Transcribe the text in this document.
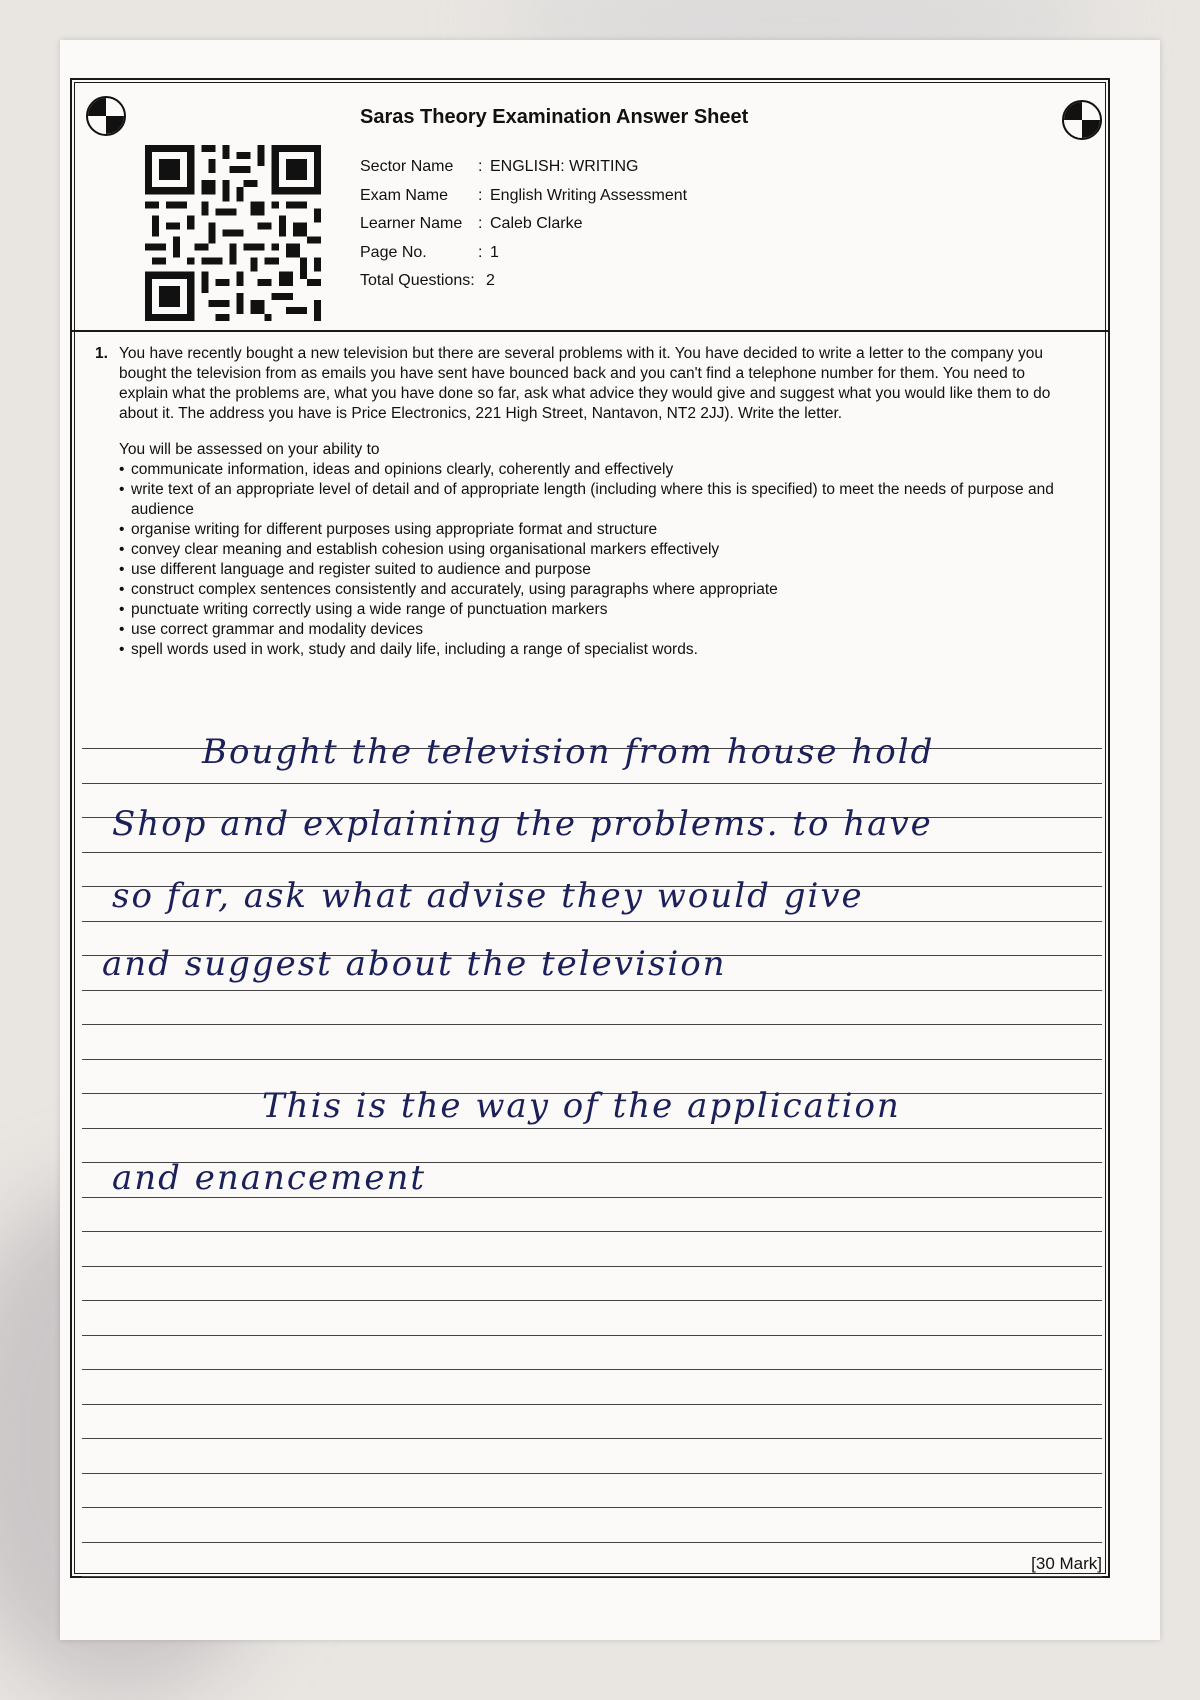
Saras Theory Examination Answer Sheet
Sector Name	: ENGLISH: WRITING
Exam Name	: English Writing Assessment
Learner Name : Caleb Clarke
Page No.	: 1
Total Questions: 2
1. You have recently bought a new television but there are several problems with it. You have decided to write a letter to the company you bought the television from as emails you have sent have bounced back and you can't find a telephone number for them. You need to explain what the problems are, what you have done so far, ask what advice they would give and suggest what you would like them to do about it. The address you have is Price Electronics, 221 High Street, Nantavon, NT2 2JJ). Write the letter.
You will be assessed on your ability to
• communicate information, ideas and opinions clearly, coherently and effectively
• write text of an appropriate level of detail and of appropriate length (including where this is specified) to meet the needs of purpose and audience
• organise writing for different purposes using appropriate format and structure
• convey clear meaning and establish cohesion using organisational markers effectively
• use different language and register suited to audience and purpose
• construct complex sentences consistently and accurately, using paragraphs where appropriate
• punctuate writing correctly using a wide range of punctuation markers
• use correct grammar and modality devices
• spell words used in work, study and daily life, including a range of specialist words.
Bought the television from house hold
Shop and explaining the problems. to have
so far, ask what advise they would give
and suggest about the television
This is the way of the application
and enancement
[30 Mark]
